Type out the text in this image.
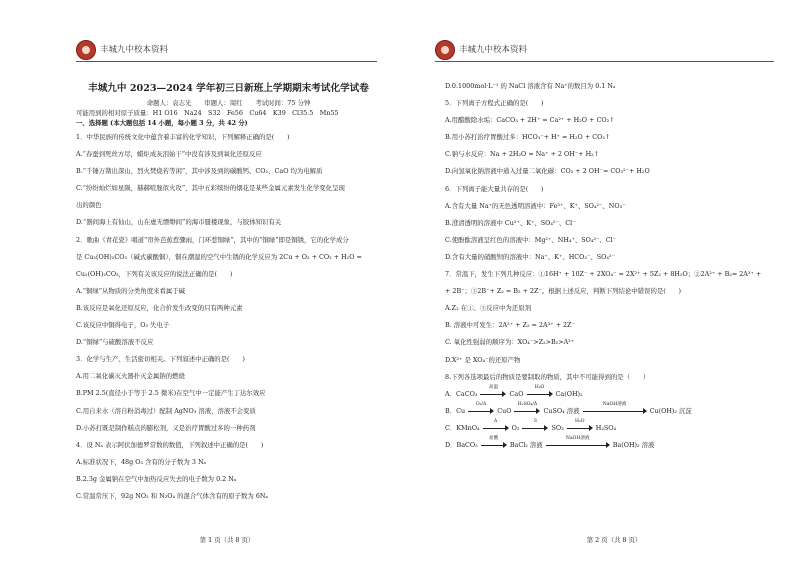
丰城九中校本资料
丰城九中 2023—2024 学年初三日新班上学期期末考试化学试卷
命题人：袁志光　　审题人：周红　　考试时间：75 分钟
可能用到的相对原子质量：H1 O16　Na24　S32　Fe56　Cu64　K39　Cl35.5　Mn55
一、选择题 (本大题包括 14 小题，每小题 3 分，共 42 分)
1．中华民族的传统文化中蕴含着丰富的化学知识，下列解释正确的是(　　)
A.“春蚕到死丝方尽，蜡炬成灰泪始干”中没有涉及到氧化还原反应
B.“千锤万凿出深山，烈火焚烧若等闲”，其中涉及到的碳酸钙、CO₂、CaO 均为电解质
C.“纷纷灿烂如星陨，赫赫喧豗似火攻”，其中五彩缤纷的烟花是某些金属元素发生化学变化呈现
出的颜色
D.“器间海上有仙山，山在虚无缥缈间”的海市蜃楼现象，与胶体知识有关
2．歌曲《青花瓷》唱道“帘外芭蕉惹骤雨，门环惹铜绿”，其中的“铜绿”即是铜锈，它的化学成分
是 Cu₂(OH)₂CO₃（碱式碳酸铜），铜在潮湿的空气中生锈的化学反应为 2Cu + O₂ + CO₂ + H₂O =
Cu₂(OH)₂CO₃，下列有关该反应的说法正确的是(　　)
A.“铜绿”从物质的分类角度来看属于碱
B.该反应是氧化还原反应，化合价发生改变的只有两种元素
C.该反应中铜得电子，O₂ 失电子
D.“铜绿”与硫酸溶液不反应
3．化学与生产、生活密切相关。下列叙述中正确的是(　　)
A.用二氧化碳灭火器扑灭金属钠的燃烧
B.PM 2.5(直径小于等于 2.5 微米)在空气中一定能产生丁达尔效应
C.用自来水（溶自粉消毒过）配制 AgNO₃ 溶液，溶液不会变质
D.小苏打既是制作糕点的膨松剂，又是治疗胃酸过多的一种药剂
4．设 Nₐ 表示阿伏加德罗常数的数值，下列叙述中正确的是(　　)
A.标准状况下，48g O₃ 含有的分子数为 3 Nₐ
B.2.3g 金属钠在空气中加热反应失去的电子数为 0.2 Nₐ
C.常温常压下，92g NO₂ 和 N₂O₄ 的混合气体含有的原子数为 6Nₐ
第 1 页（共 8 页）
丰城九中校本资料
第 2 页（共 8 页）
D.0.1000mol·L⁻¹ 的 NaCl 溶液含有 Na⁺的数目为 0.1 Nₐ
5．下列离子方程式正确的是(　　)
A.用醋酸除水垢：CaCO₃ + 2H⁺ = Ca²⁺ + H₂O + CO₂↑
B.用小苏打治疗胃酸过多：HCO₃⁻+ H⁺ = H₂O + CO₂↑
C.钠与水反应：Na + 2H₂O = Na⁺ + 2 OH⁻+ H₂↑
D.向氢氧化钠溶液中通入过量二氧化碳：CO₂ + 2 OH⁻= CO₃²⁻+ H₂O
6．下列离子能大量共存的是(　　)
A.含有大量 Na⁺的无色透明溶液中：Fe³⁺、K⁺、SO₄²⁻、NO₃⁻
B.澄清透明的溶液中 Cu²⁺、K⁺、SO₄²⁻、Cl⁻
C.使酚酞溶液呈红色的溶液中：Mg²⁺、NH₄⁺、SO₄²⁻、Cl⁻
D.含有大量的硝酸钡的溶液中：Na⁺、K⁺、HCO₃⁻、SO₄²⁻
7．常温下，发生下列几种反应：①16H⁺ + 10Z⁻ + 2XO₄⁻ = 2X²⁺ + 5Z₂ + 8H₂O；②2A²⁺ + B₂= 2A³⁺ +
+ 2B⁻；③2B⁻+ Z₂ = B₂ + 2Z⁻。根据上述反应，判断下列结论中错误的是(　　)
A.Z₂ 在①、③反应中为还原剂
B. 溶液中可发生：2A²⁺ + Z₂ = 2A³⁺ + 2Z⁻
C. 氧化性强弱的顺序为：XO₄⁻>Z₂>B₂>A³⁺
D.X²⁺ 是 XO₄⁻的还原产物
8.下列各选项最后的物质是要制取的物质，其中不可能得到的是（　　）
A．CaCO₃
高温
CaO
H₂O
Ca(OH)₂
B．Cu
O₂/Δ
CuO
H₂SO₄/Δ
CuSO₄ 溶液
NaOH溶液
Cu(OH)₂ 沉淀
C．KMnO₄
Δ
O₂
S
SO₃
H₂O
H₂SO₄
D．BaCO₃
盐酸
BaCl₂ 溶液
NaOH溶液
Ba(OH)₂ 溶液
